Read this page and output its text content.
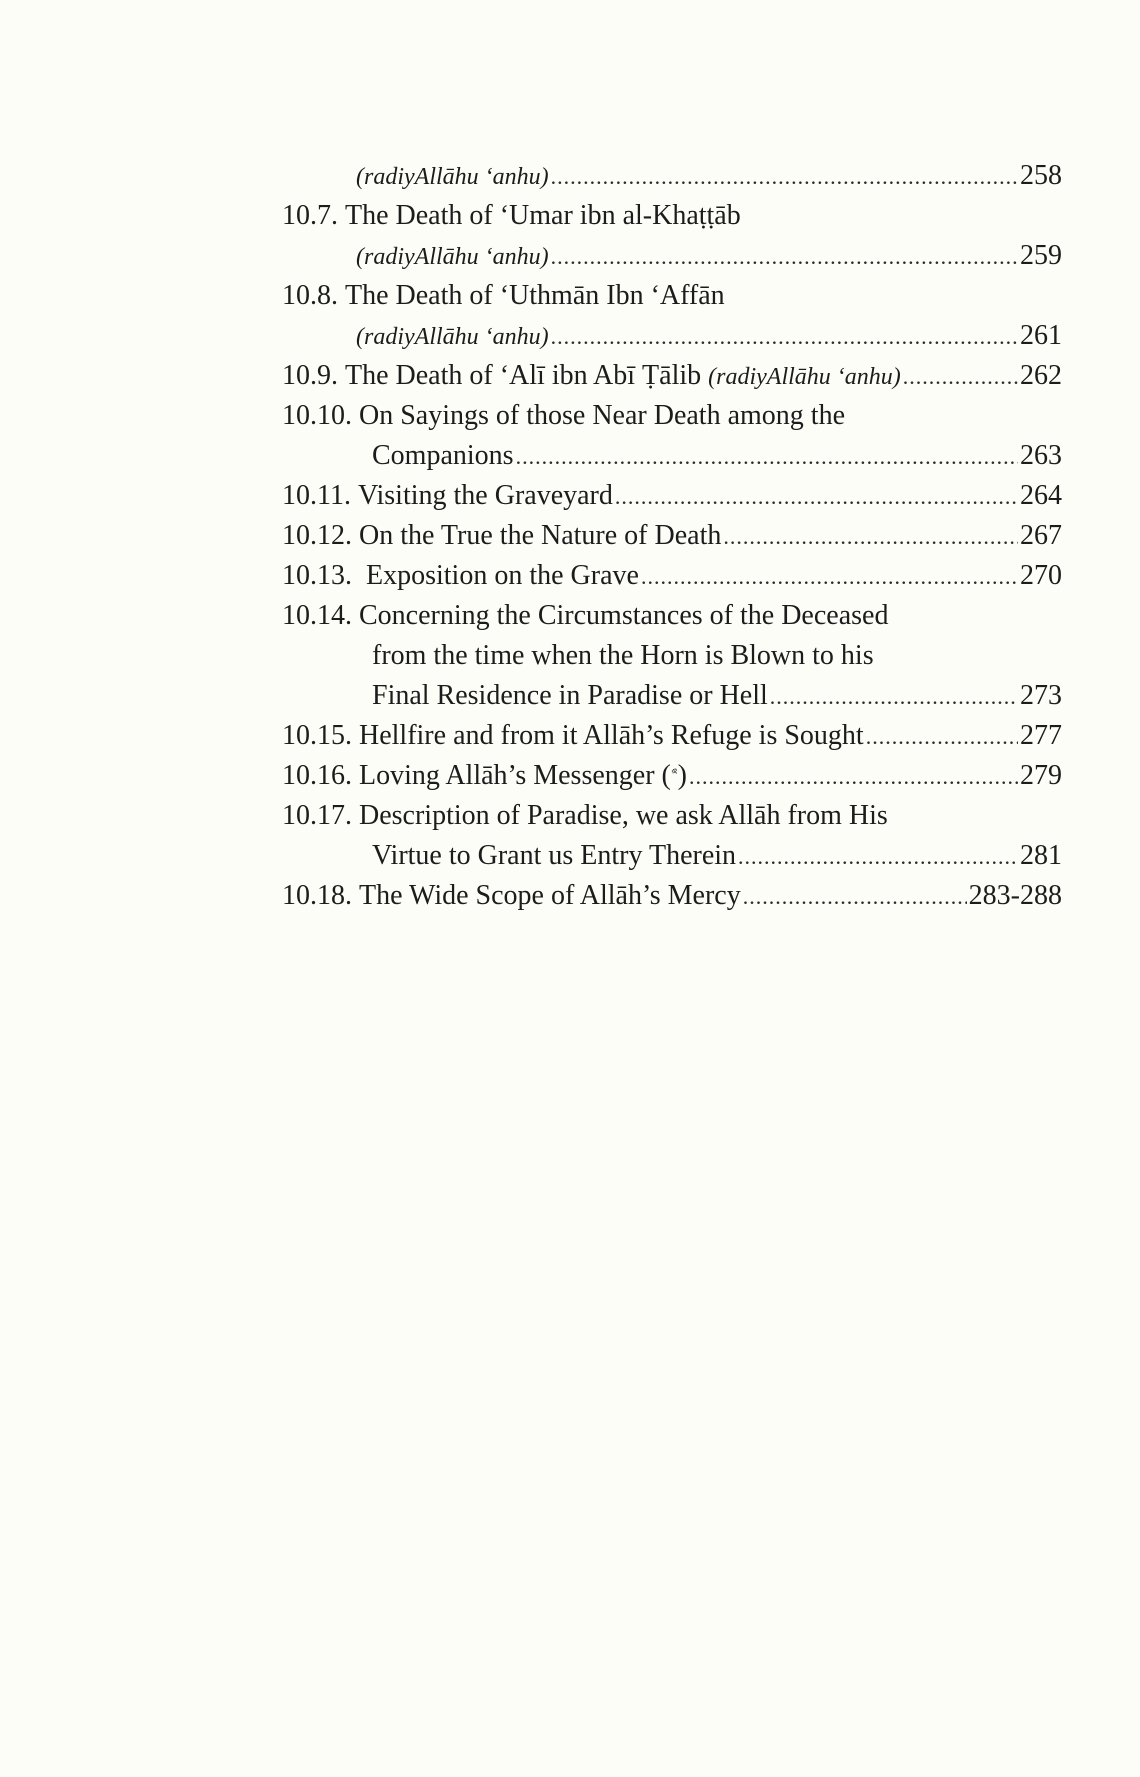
(radiyAllāhu ‘anhu) .....	258
10.7.
The Death of ‘Umar ibn al-Khaṭṭāb
(radiyAllāhu ‘anhu) .....	259
10.8.
The Death of ‘Uthmān Ibn ‘Affān
(radiyAllāhu ‘anhu) .....	261
10.9.
The Death of ‘Alī ibn Abī Ṭālib
(radiyAllāhu ‘anhu) .....	262
10.10.
On Sayings of those Near Death among the
Companions .....	263
10.11.
Visiting the Graveyard .....	264
10.12.
On the True the Nature of Death .....	267
10.13.
Exposition on the Grave .....	270
10.14.
Concerning the Circumstances of the Deceased
from the time when the Horn is Blown to his
Final Residence in Paradise or Hell .....	273
10.15.
Hellfire and from it Allāh’s Refuge is Sought .....	277
10.16.
Loving Allāh’s Messenger
( ) .....	279
10.17.
Description of Paradise, we ask Allāh from His
Virtue to Grant us Entry Therein .....	281
10.18.
The Wide Scope of Allāh’s Mercy .....	283-288
